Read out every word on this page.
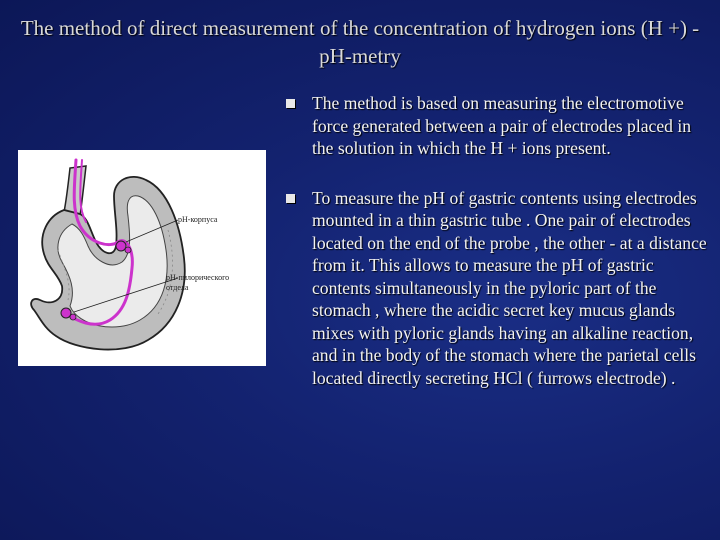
The method of direct measurement of the concentration of hydrogen ions (H +) - pH-metry
рН-корпуса
рН-пилорического
отдела
The method is based on measuring the electromotive force generated between a pair of electrodes placed in the solution in which the H + ions present.
To measure the pH of gastric contents using electrodes mounted in a thin gastric tube . One pair of electrodes located on the end of the probe , the other - at a distance from it. This allows to measure the pH of gastric contents simultaneously in the pyloric part of the stomach , where the acidic secret key mucus glands mixes with pyloric glands having an alkaline reaction, and in the body of the stomach where the parietal cells located directly secreting HCl ( furrows electrode) .
